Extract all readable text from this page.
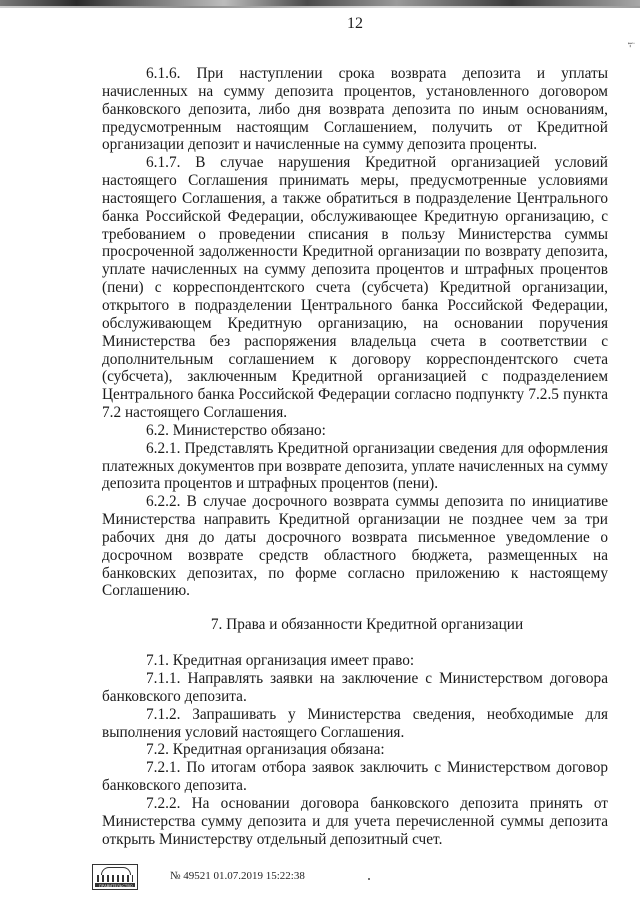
12
i-

6.1.6. При наступлении срока возврата депозита и уплаты начисленных на сумму депозита процентов, установленного договором банковского депозита, либо дня возврата депозита по иным основаниям, предусмотренным настоящим Соглашением, получить от Кредитной организации депозит и начисленные на сумму депозита проценты.

6.1.7. В случае нарушения Кредитной организацией условий настоящего Соглашения принимать меры, предусмотренные условиями настоящего Соглашения, а также обратиться в подразделение Центрального банка Российской Федерации, обслуживающее Кредитную организацию, с требованием о проведении списания в пользу Министерства суммы просроченной задолженности Кредитной организации по возврату депозита, уплате начисленных на сумму депозита процентов и штрафных процентов (пени) с корреспондентского счета (субсчета) Кредитной организации, открытого в подразделении Центрального банка Российской Федерации, обслуживающем Кредитную организацию, на основании поручения Министерства без распоряжения владельца счета в соответствии с дополнительным соглашением к договору корреспондентского счета (субсчета), заключенным Кредитной организацией с подразделением Центрального банка Российской Федерации согласно подпункту 7.2.5 пункта 7.2 настоящего Соглашения.

6.2. Министерство обязано:

6.2.1. Представлять Кредитной организации сведения для оформления платежных документов при возврате депозита, уплате начисленных на сумму депозита процентов и штрафных процентов (пени).

6.2.2. В случае досрочного возврата суммы депозита по инициативе Министерства направить Кредитной организации не позднее чем за три рабочих дня до даты досрочного возврата письменное уведомление о досрочном возврате средств областного бюджета, размещенных на банковских депозитах, по форме согласно приложению к настоящему Соглашению.

7. Права и обязанности Кредитной организации

7.1. Кредитная организация имеет право:

7.1.1. Направлять заявки на заключение с Министерством договора банковского депозита.

7.1.2. Запрашивать у Министерства сведения, необходимые для выполнения условий настоящего Соглашения.

7.2. Кредитная организация обязана:

7.2.1. По итогам отбора заявок заключить с Министерством договор банковского депозита.

7.2.2. На основании договора банковского депозита принять от Министерства сумму депозита и для учета перечисленной суммы депозита открыть Министерству отдельный депозитный счет.

ПРАВИТЕЛЬСТВО
№ 49521 01.07.2019 15:22:38
